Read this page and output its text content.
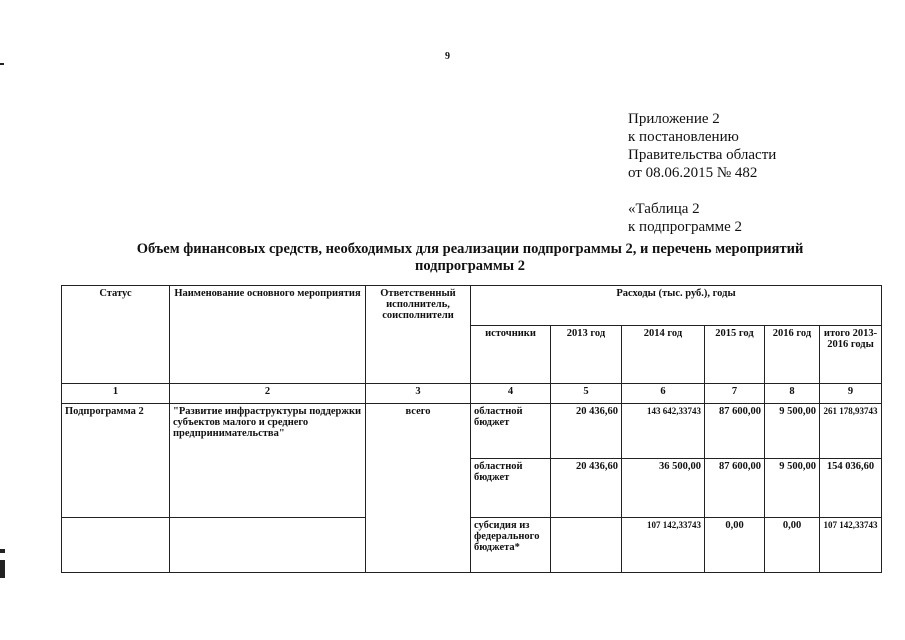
9
Приложение 2
к постановлению
Правительства области
от 08.06.2015 № 482
«Таблица 2
к подпрограмме 2
Объем финансовых средств, необходимых для реализации подпрограммы 2, и перечень мероприятий подпрограммы 2
Статус	Наименование основного мероприятия	Ответственный исполнитель, соисполнители	Расходы (тыс. руб.), годы					
			источники	2013 год	2014 год	2015 год	2016 год	итого 2013-2016 годы
1	2	3	4	5	6	7	8	9
Подпрограмма 2	"Развитие инфраструктуры поддержки субъектов малого и среднего предпринимательства"	всего	областной бюджет	20 436,60	143 642,33743	87 600,00	9 500,00	261 178,93743
			областной бюджет	20 436,60	36 500,00	87 600,00	9 500,00	154 036,60
			субсидия из федерального бюджета*		107 142,33743	0,00	0,00	107 142,33743
